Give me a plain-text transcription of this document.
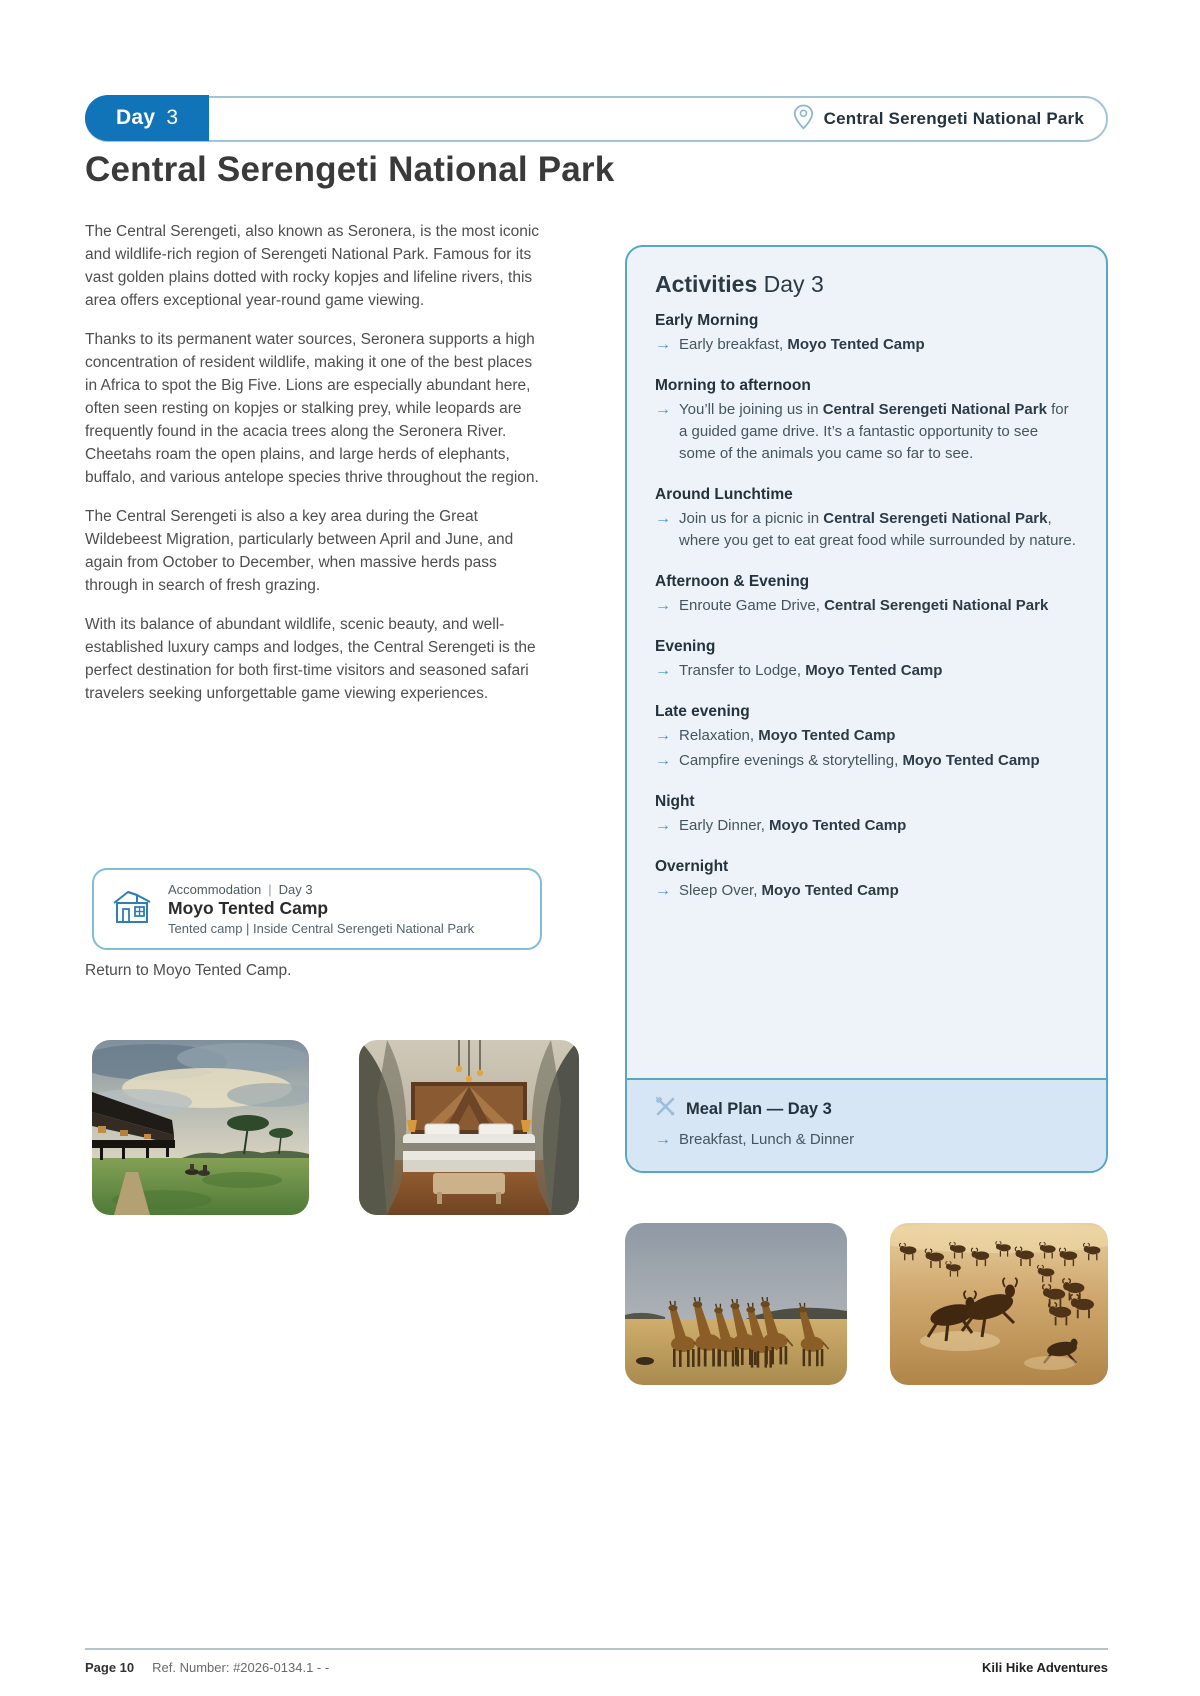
Day 3	Central Serengeti National Park
Central Serengeti National Park

The Central Serengeti, also known as Seronera, is the most iconic and wildlife-rich region of Serengeti National Park. Famous for its vast golden plains dotted with rocky kopjes and lifeline rivers, this area offers exceptional year-round game viewing.

Thanks to its permanent water sources, Seronera supports a high concentration of resident wildlife, making it one of the best places in Africa to spot the Big Five. Lions are especially abundant here, often seen resting on kopjes or stalking prey, while leopards are frequently found in the acacia trees along the Seronera River. Cheetahs roam the open plains, and large herds of elephants, buffalo, and various antelope species thrive throughout the region.

The Central Serengeti is also a key area during the Great Wildebeest Migration, particularly between April and June, and again from October to December, when massive herds pass through in search of fresh grazing.

With its balance of abundant wildlife, scenic beauty, and well-established luxury camps and lodges, the Central Serengeti is the perfect destination for both first-time visitors and seasoned safari travelers seeking unforgettable game viewing experiences.

Accommodation | Day 3
Moyo Tented Camp
Tented camp | Inside Central Serengeti National Park
Return to Moyo Tented Camp.
Activities Day 3
Early Morning
→ Early breakfast, Moyo Tented Camp
Morning to afternoon
→ You’ll be joining us in Central Serengeti National Park for a guided game drive. It’s a fantastic opportunity to see some of the animals you came so far to see.
Around Lunchtime
→ Join us for a picnic in Central Serengeti National Park, where you get to eat great food while surrounded by nature.
Afternoon & Evening
→ Enroute Game Drive, Central Serengeti National Park
Evening
→ Transfer to Lodge, Moyo Tented Camp
Late evening
→ Relaxation, Moyo Tented Camp
→ Campfire evenings & storytelling, Moyo Tented Camp
Night
→ Early Dinner, Moyo Tented Camp
Overnight
→ Sleep Over, Moyo Tented Camp
Meal Plan — Day 3
→ Breakfast, Lunch & Dinner
Page 10 Ref. Number: #2026-0134.1 - -	Kili Hike Adventures
